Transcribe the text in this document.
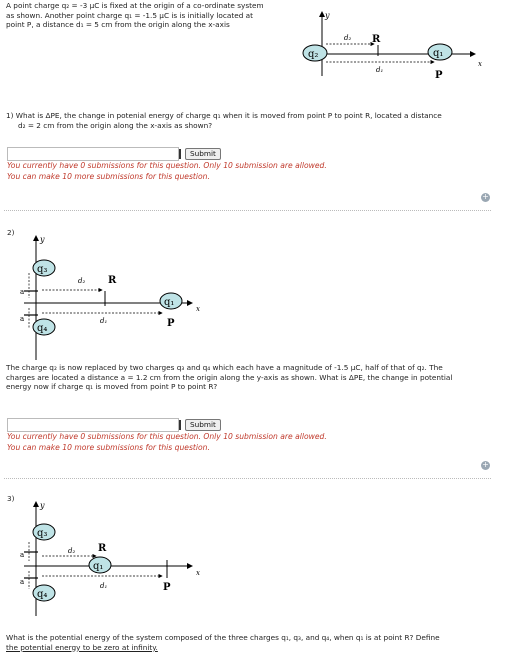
A point charge q₂ = -3 μC is fixed at the origin of a co-ordinate system
as shown. Another point charge q₁ = -1.5 μC is is initially located at
point P, a distance d₁ = 5 cm from the origin along the x-axis
y
x
d₂
d₁
R
P
q₂	q₁
1) What is ΔPE, the change in potenial energy of charge q₁ when it is moved from point P to point R, located a distance
d₂ = 2 cm from the origin along the x-axis as shown?
Submit
You currently have 0 submissions for this question. Only 10 submission are allowed.
You can make 10 more submissions for this question.
+
2)
y
x
a
a
d₂
d₁
R
P
q₃
q₄
q₁
The charge q₂ is now replaced by two charges q₃ and q₄ which each have a magnitude of -1.5 μC, half of that of q₂. The
charges are located a distance a = 1.2 cm from the origin along the y-axis as shown. What is ΔPE, the change in potential
energy now if charge q₁ is moved from point P to point R?
Submit
You currently have 0 submissions for this question. Only 10 submission are allowed.
You can make 10 more submissions for this question.
+
3)
y
x
a
a
d₂
d₁
R
P
q₃
q₄
q₁
What is the potential energy of the system composed of the three charges q₁, q₃, and q₄, when q₁ is at point R? Define
the potential energy to be zero at infinity.
